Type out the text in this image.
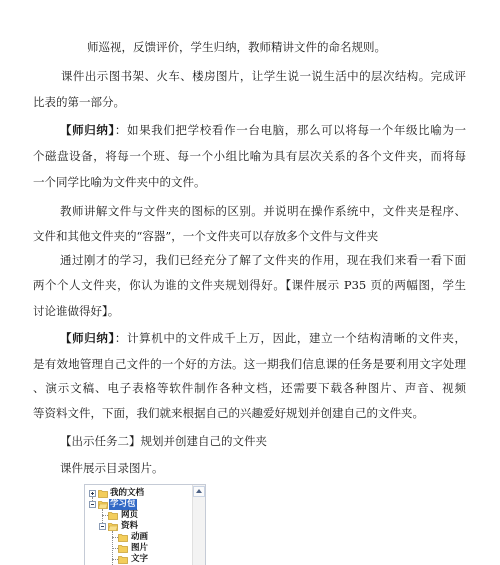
师巡视，反馈评价，学生归纳，教师精讲文件的命名规则。
课件出示图书架、火车、楼房图片，让学生说一说生活中的层次结构。完成评
比表的第一部分。
【师归纳】：如果我们把学校看作一台电脑，那么可以将每一个年级比喻为一
个磁盘设备，将每一个班、每一个小组比喻为具有层次关系的各个文件夹，而将每
一个同学比喻为文件夹中的文件。
教师讲解文件与文件夹的图标的区别。并说明在操作系统中，文件夹是程序、
文件和其他文件夹的“容器”，一个文件夹可以存放多个文件与文件夹
通过刚才的学习，我们已经充分了解了文件夹的作用，现在我们来看一看下面
两个个人文件夹，你认为谁的文件夹规划得好。【课件展示 P35 页的两幅图，学生
讨论谁做得好】。
【师归纳】：计算机中的文件成千上万，因此，建立一个结构清晰的文件夹，
是有效地管理自己文件的一个好的方法。这一期我们信息课的任务是要利用文字处理
、演示文稿、电子表格等软件制作各种文档，还需要下载各种图片、声音、视频
等资料文件，下面，我们就来根据自己的兴趣爱好规划并创建自己的文件夹。
【出示任务二】规划并创建自己的文件夹
课件展示目录图片。
我的文档
学习包
网页
资料
动画
图片
文字
